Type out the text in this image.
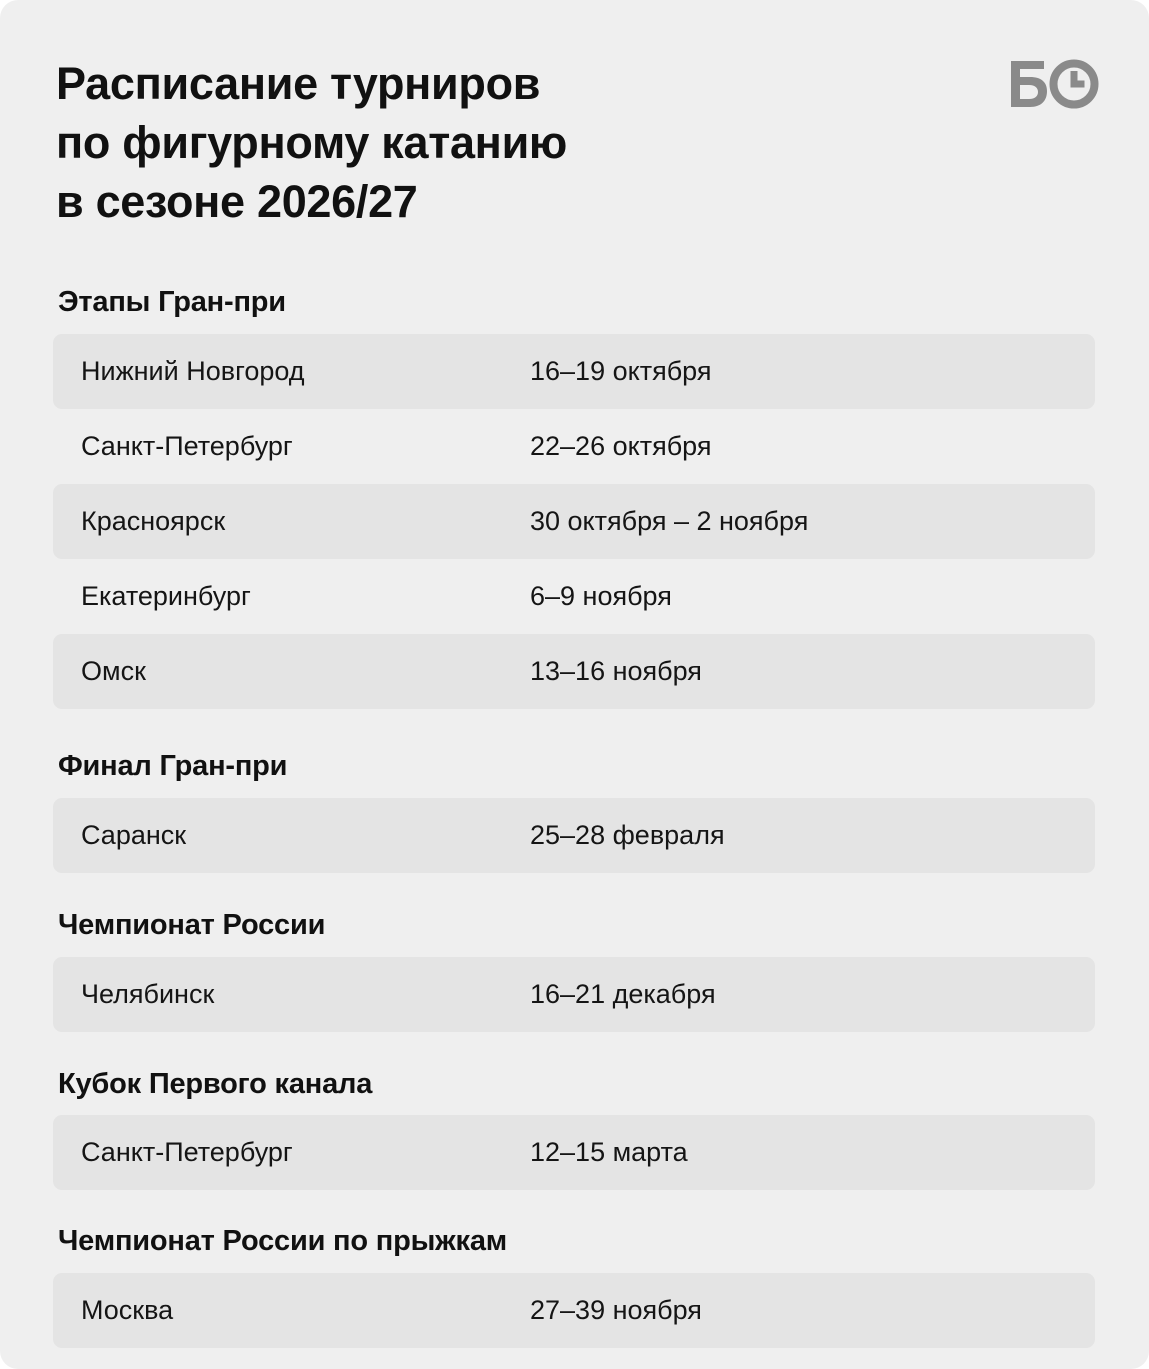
Расписание турниров
по фигурному катанию
в сезоне 2026/27
Этапы Гран-при
Нижний Новгород	16–19 октября
Санкт-Петербург	22–26 октября
Красноярск	30 октября – 2 ноября
Екатеринбург	6–9 ноября
Омск	13–16 ноября
Финал Гран-при
Саранск	25–28 февраля
Чемпионат России
Челябинск	16–21 декабря
Кубок Первого канала
Санкт-Петербург	12–15 марта
Чемпионат России по прыжкам
Москва	27–39 ноября
